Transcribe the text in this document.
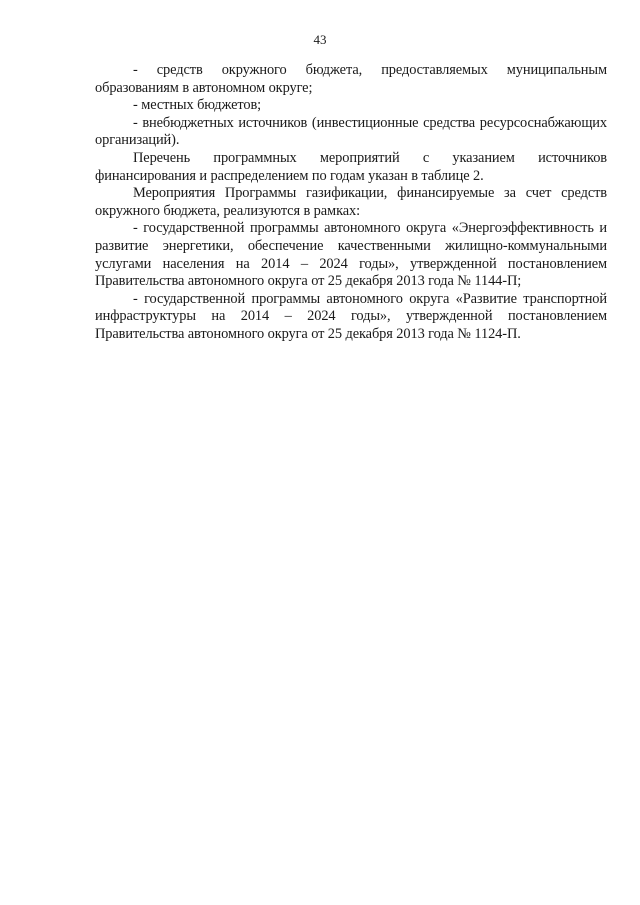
43

- средств окружного бюджета, предоставляемых муниципальным образованиям в автономном округе;

- местных бюджетов;

- внебюджетных источников (инвестиционные средства ресурсоснабжающих организаций).

Перечень программных мероприятий с указанием источников финансирования и распределением по годам указан в таблице 2.

Мероприятия Программы газификации, финансируемые за счет средств окружного бюджета, реализуются в рамках:

- государственной программы автономного округа «Энергоэффективность и развитие энергетики, обеспечение качественными жилищно-коммунальными услугами населения на 2014 – 2024 годы», утвержденной постановлением Правительства автономного округа от 25 декабря 2013 года № 1144-П;

- государственной программы автономного округа «Развитие транспортной инфраструктуры на 2014 – 2024 годы», утвержденной постановлением Правительства автономного округа от 25 декабря 2013 года № 1124-П.
